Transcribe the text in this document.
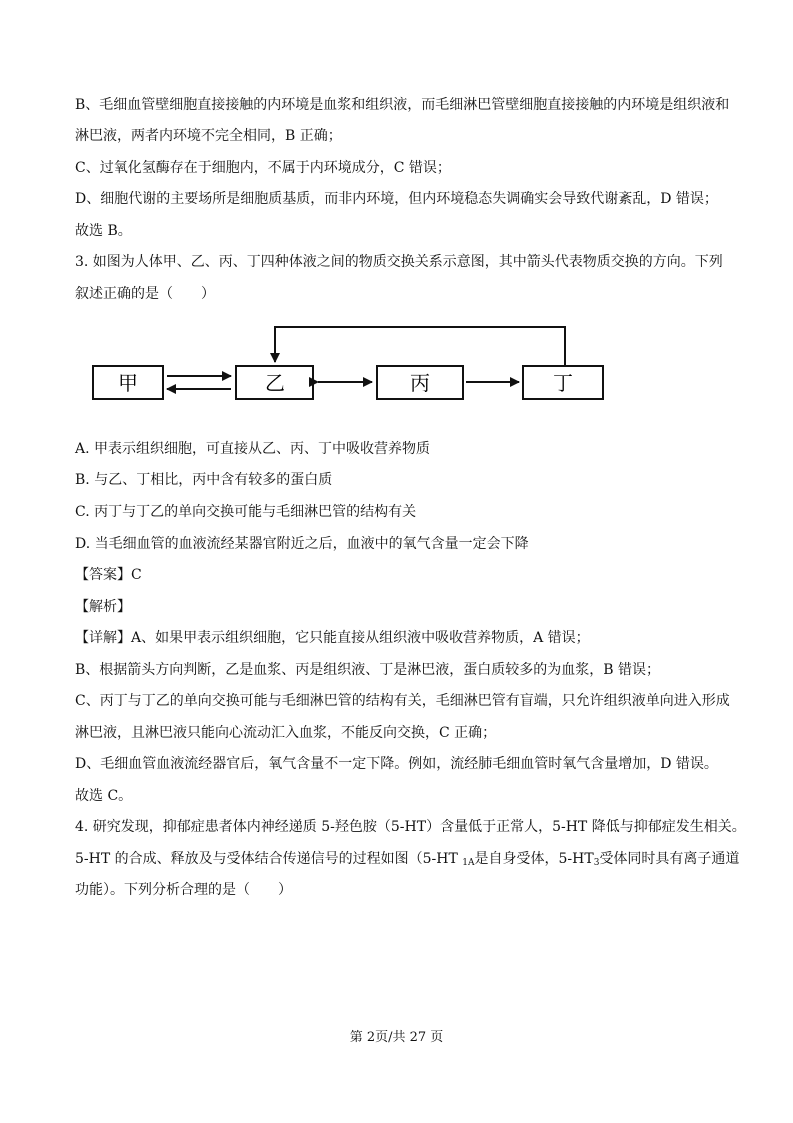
B、毛细血管壁细胞直接接触的内环境是血浆和组织液，而毛细淋巴管壁细胞直接接触的内环境是组织液和
淋巴液，两者内环境不完全相同，B 正确；
C、过氧化氢酶存在于细胞内，不属于内环境成分，C 错误；
D、细胞代谢的主要场所是细胞质基质，而非内环境，但内环境稳态失调确实会导致代谢紊乱，D 错误；
故选 B。
3. 如图为人体甲、乙、丙、丁四种体液之间的物质交换关系示意图，其中箭头代表物质交换的方向。下列
叙述正确的是（　　）
甲	乙	丙	丁
A. 甲表示组织细胞，可直接从乙、丙、丁中吸收营养物质
B. 与乙、丁相比，丙中含有较多的蛋白质
C. 丙丁与丁乙的单向交换可能与毛细淋巴管的结构有关
D. 当毛细血管的血液流经某器官附近之后，血液中的氧气含量一定会下降
【答案】C
【解析】
【详解】A、如果甲表示组织细胞，它只能直接从组织液中吸收营养物质，A 错误；
B、根据箭头方向判断，乙是血浆、丙是组织液、丁是淋巴液，蛋白质较多的为血浆，B 错误；
C、丙丁与丁乙的单向交换可能与毛细淋巴管的结构有关，毛细淋巴管有盲端，只允许组织液单向进入形成
淋巴液，且淋巴液只能向心流动汇入血浆，不能反向交换，C 正确；
D、毛细血管血液流经器官后，氧气含量不一定下降。例如，流经肺毛细血管时氧气含量增加，D 错误。
故选 C。
4. 研究发现，抑郁症患者体内神经递质 5-羟色胺（5-HT）含量低于正常人，5-HT 降低与抑郁症发生相关。
5-HT 的合成、释放及与受体结合传递信号的过程如图（5-HT $_{1A}$是自身受体，$5-HT_3$受体同时具有离子通道
功能）。下列分析合理的是（　　）
第 2页/共 27 页
